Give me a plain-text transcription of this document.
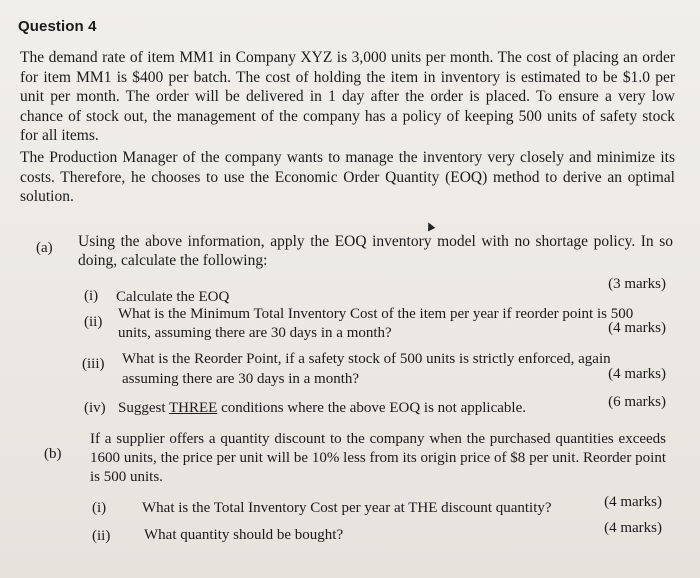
Question 4
The demand rate of item MM1 in Company XYZ is 3,000 units per month. The cost of placing an order for item MM1 is $400 per batch. The cost of holding the item in inventory is estimated to be $1.0 per unit per month. The order will be delivered in 1 day after the order is placed. To ensure a very low chance of stock out, the management of the company has a policy of keeping 500 units of safety stock for all items.
The Production Manager of the company wants to manage the inventory very closely and minimize its costs. Therefore, he chooses to use the Economic Order Quantity (EOQ) method to derive an optimal solution.
(a) Using the above information, apply the EOQ inventory model with no shortage policy. In so doing, calculate the following:
(i) Calculate the EOQ
(3 marks)
(ii) What is the Minimum Total Inventory Cost of the item per year if reorder point is 500
units, assuming there are 30 days in a month?	(4 marks)
(iii) What is the Reorder Point, if a safety stock of 500 units is strictly enforced, again
assuming there are 30 days in a month?	(4 marks)
(iv) Suggest THREE conditions where the above EOQ is not applicable.	(6 marks)
(b)
If a supplier offers a quantity discount to the company when the purchased quantities exceeds 1600 units, the price per unit will be 10% less from its origin price of $8 per unit. Reorder point is 500 units.
(i) What is the Total Inventory Cost per year at THE discount quantity?	(4 marks)
(ii) What quantity should be bought?	(4 marks)
